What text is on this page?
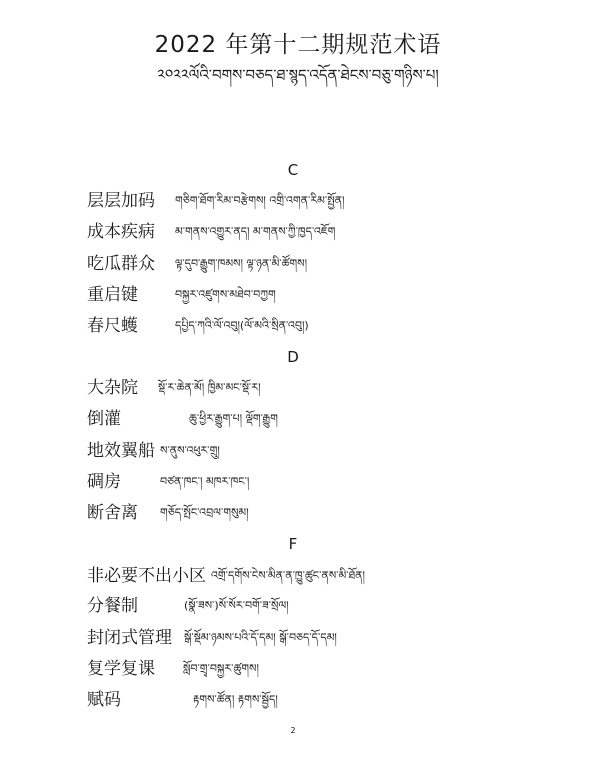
2022 年第十二期规范术语
༢༠༢༢ལོའི་བགས་བཅད་ཐ་སྙད་འདོན་ཐེངས་བཅུ་གཉིས་པ།
C
层层加码 གཅིག་ཐོག་རིམ་བརྩེགས། འགྲི་འགན་རིམ་སྤྱོན།
成本疾病 མ་གནས་འགྱུར་ནད། མ་གནས་ཀྱི་ཁྱད་འཇོག
吃瓜群众 ལྟ་དུབ་རྒྱུག་ཁམས། ལྟ་ཉན་མི་ཚོགས།
重启键	བསྐྱར་འཛུགས་མཐེབ་བཀྱག
春尺蠖	དཔྱིད་ཀའི་ལོ་འབུ།(ལོ་མའི་སྲིན་འབུ།)
D
大杂院 སྡོ་ར་ཆེན་མོ། ཁྱིམ་མང་སྡོ་ར།
倒灌	ཆུ་ཕྱིར་རྒྱུག་པ། ལྡོག་རྒྱུག
地效翼船 ས་ནུས་འཕུར་གྲུ།
碉房	བཙན་ཁང་། མཁར་ཁང་།
断舍离 གཅོད་སྤོང་འབྲལ་གསུམ།
F
非必要不出小区 འགྲོ་དགོས་ངེས་མིན་ན་ཁྱུ་ཚུང་ནས་མི་ཐོན།
分餐制	(སྣོ་ཟས་)སོ་སོར་བགོ་ཟ་སྲོལ།
封闭式管理 སྒོ་སྡོམ་ཉམས་པའི་དོ་དམ། སྒོ་བཅད་དོ་དམ།
复学复课	སློབ་གྲྭ་བསྐྱར་ཚུགས།
赋码	རྟགས་ཚོན། རྟགས་སྦྱོད།
2
